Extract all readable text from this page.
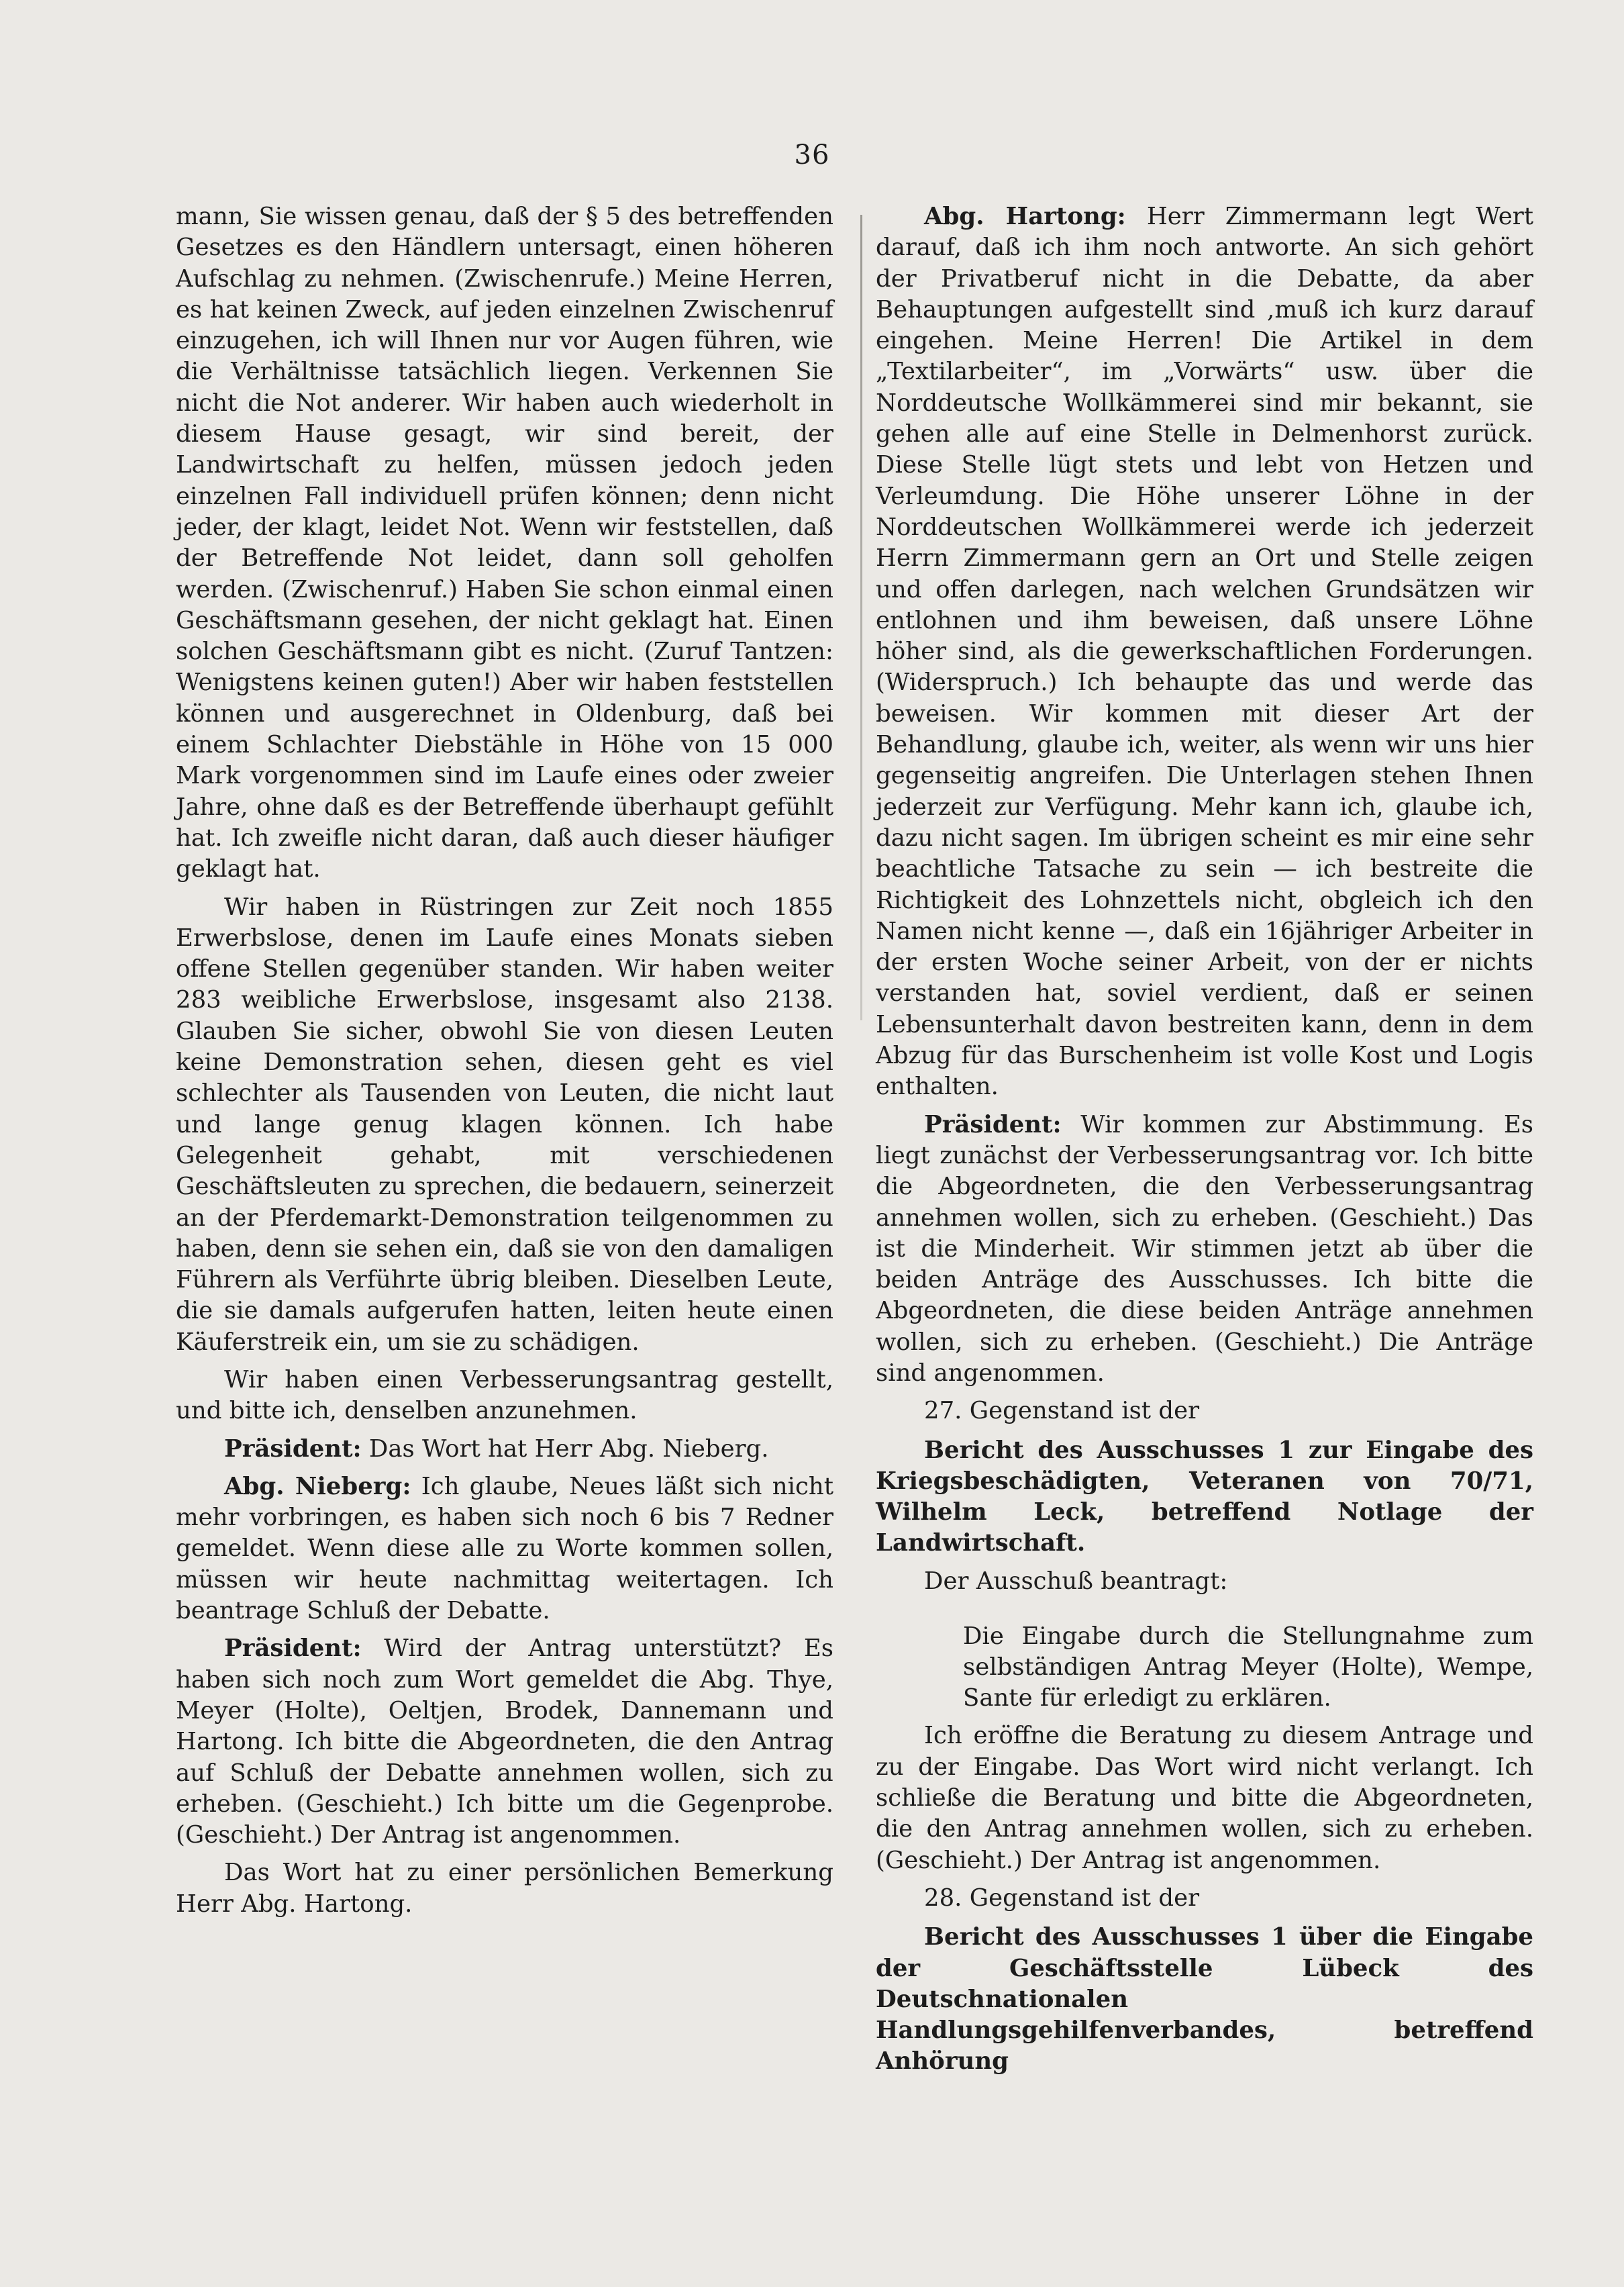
36

mann, Sie wissen genau, daß der § 5 des betreffenden Gesetzes es den Händlern untersagt, einen höheren Aufschlag zu nehmen. (Zwischenrufe.) Meine Herren, es hat keinen Zweck, auf jeden einzelnen Zwischenruf einzugehen, ich will Ihnen nur vor Augen führen, wie die Verhältnisse tatsächlich liegen. Verkennen Sie nicht die Not anderer. Wir haben auch wiederholt in diesem Hause gesagt, wir sind bereit, der Landwirtschaft zu helfen, müssen jedoch jeden einzelnen Fall individuell prüfen können; denn nicht jeder, der klagt, leidet Not. Wenn wir feststellen, daß der Betreffende Not leidet, dann soll geholfen werden. (Zwischenruf.) Haben Sie schon einmal einen Geschäftsmann gesehen, der nicht geklagt hat. Einen solchen Geschäftsmann gibt es nicht. (Zuruf Tantzen: Wenigstens keinen guten!) Aber wir haben feststellen können und ausgerechnet in Oldenburg, daß bei einem Schlachter Diebstähle in Höhe von 15 000 Mark vorgenommen sind im Laufe eines oder zweier Jahre, ohne daß es der Betreffende überhaupt gefühlt hat. Ich zweifle nicht daran, daß auch dieser häufiger geklagt hat.

Wir haben in Rüstringen zur Zeit noch 1855 Erwerbslose, denen im Laufe eines Monats sieben offene Stellen gegenüber standen. Wir haben weiter 283 weibliche Erwerbslose, insgesamt also 2138. Glauben Sie sicher, obwohl Sie von diesen Leuten keine Demonstration sehen, diesen geht es viel schlechter als Tausenden von Leuten, die nicht laut und lange genug klagen können. Ich habe Gelegenheit gehabt, mit verschiedenen Geschäftsleuten zu sprechen, die bedauern, seinerzeit an der Pferdemarkt-Demonstration teilgenommen zu haben, denn sie sehen ein, daß sie von den damaligen Führern als Verführte übrig bleiben. Dieselben Leute, die sie damals aufgerufen hatten, leiten heute einen Käuferstreik ein, um sie zu schädigen.

Wir haben einen Verbesserungsantrag gestellt, und bitte ich, denselben anzunehmen.

Präsident: Das Wort hat Herr Abg. Nieberg.

Abg. Nieberg: Ich glaube, Neues läßt sich nicht mehr vorbringen, es haben sich noch 6 bis 7 Redner gemeldet. Wenn diese alle zu Worte kommen sollen, müssen wir heute nachmittag weitertagen. Ich beantrage Schluß der Debatte.

Präsident: Wird der Antrag unterstützt? Es haben sich noch zum Wort gemeldet die Abg. Thye, Meyer (Holte), Oeltjen, Brodek, Dannemann und Hartong. Ich bitte die Abgeordneten, die den Antrag auf Schluß der Debatte annehmen wollen, sich zu erheben. (Geschieht.) Ich bitte um die Gegenprobe. (Geschieht.) Der Antrag ist angenommen.

Das Wort hat zu einer persönlichen Bemerkung Herr Abg. Hartong.

Abg. Hartong: Herr Zimmermann legt Wert darauf, daß ich ihm noch antworte. An sich gehört der Privatberuf nicht in die Debatte, da aber Behauptungen aufgestellt sind ,muß ich kurz darauf eingehen. Meine Herren! Die Artikel in dem „Textilarbeiter“, im „Vorwärts“ usw. über die Norddeutsche Wollkämmerei sind mir bekannt, sie gehen alle auf eine Stelle in Delmenhorst zurück. Diese Stelle lügt stets und lebt von Hetzen und Verleumdung. Die Höhe unserer Löhne in der Norddeutschen Wollkämmerei werde ich jederzeit Herrn Zimmermann gern an Ort und Stelle zeigen und offen darlegen, nach welchen Grundsätzen wir entlohnen und ihm beweisen, daß unsere Löhne höher sind, als die gewerkschaftlichen Forderungen. (Widerspruch.) Ich behaupte das und werde das beweisen. Wir kommen mit dieser Art der Behandlung, glaube ich, weiter, als wenn wir uns hier gegenseitig angreifen. Die Unterlagen stehen Ihnen jederzeit zur Verfügung. Mehr kann ich, glaube ich, dazu nicht sagen. Im übrigen scheint es mir eine sehr beachtliche Tatsache zu sein — ich bestreite die Richtigkeit des Lohnzettels nicht, obgleich ich den Namen nicht kenne —, daß ein 16jähriger Arbeiter in der ersten Woche seiner Arbeit, von der er nichts verstanden hat, soviel verdient, daß er seinen Lebensunterhalt davon bestreiten kann, denn in dem Abzug für das Burschenheim ist volle Kost und Logis enthalten.

Präsident: Wir kommen zur Abstimmung. Es liegt zunächst der Verbesserungsantrag vor. Ich bitte die Abgeordneten, die den Verbesserungsantrag annehmen wollen, sich zu erheben. (Geschieht.) Das ist die Minderheit. Wir stimmen jetzt ab über die beiden Anträge des Ausschusses. Ich bitte die Abgeordneten, die diese beiden Anträge annehmen wollen, sich zu erheben. (Geschieht.) Die Anträge sind angenommen.

27. Gegenstand ist der

Bericht des Ausschusses 1 zur Eingabe des Kriegsbeschädigten, Veteranen von 70/71, Wilhelm Leck, betreffend Notlage der Landwirtschaft.

Der Ausschuß beantragt:

Die Eingabe durch die Stellungnahme zum selbständigen Antrag Meyer (Holte), Wempe, Sante für erledigt zu erklären.

Ich eröffne die Beratung zu diesem Antrage und zu der Eingabe. Das Wort wird nicht verlangt. Ich schließe die Beratung und bitte die Abgeordneten, die den Antrag annehmen wollen, sich zu erheben. (Geschieht.) Der Antrag ist angenommen.

28. Gegenstand ist der

Bericht des Ausschusses 1 über die Eingabe der Geschäftsstelle Lübeck des Deutschnationalen Handlungsgehilfenverbandes, betreffend Anhörung
